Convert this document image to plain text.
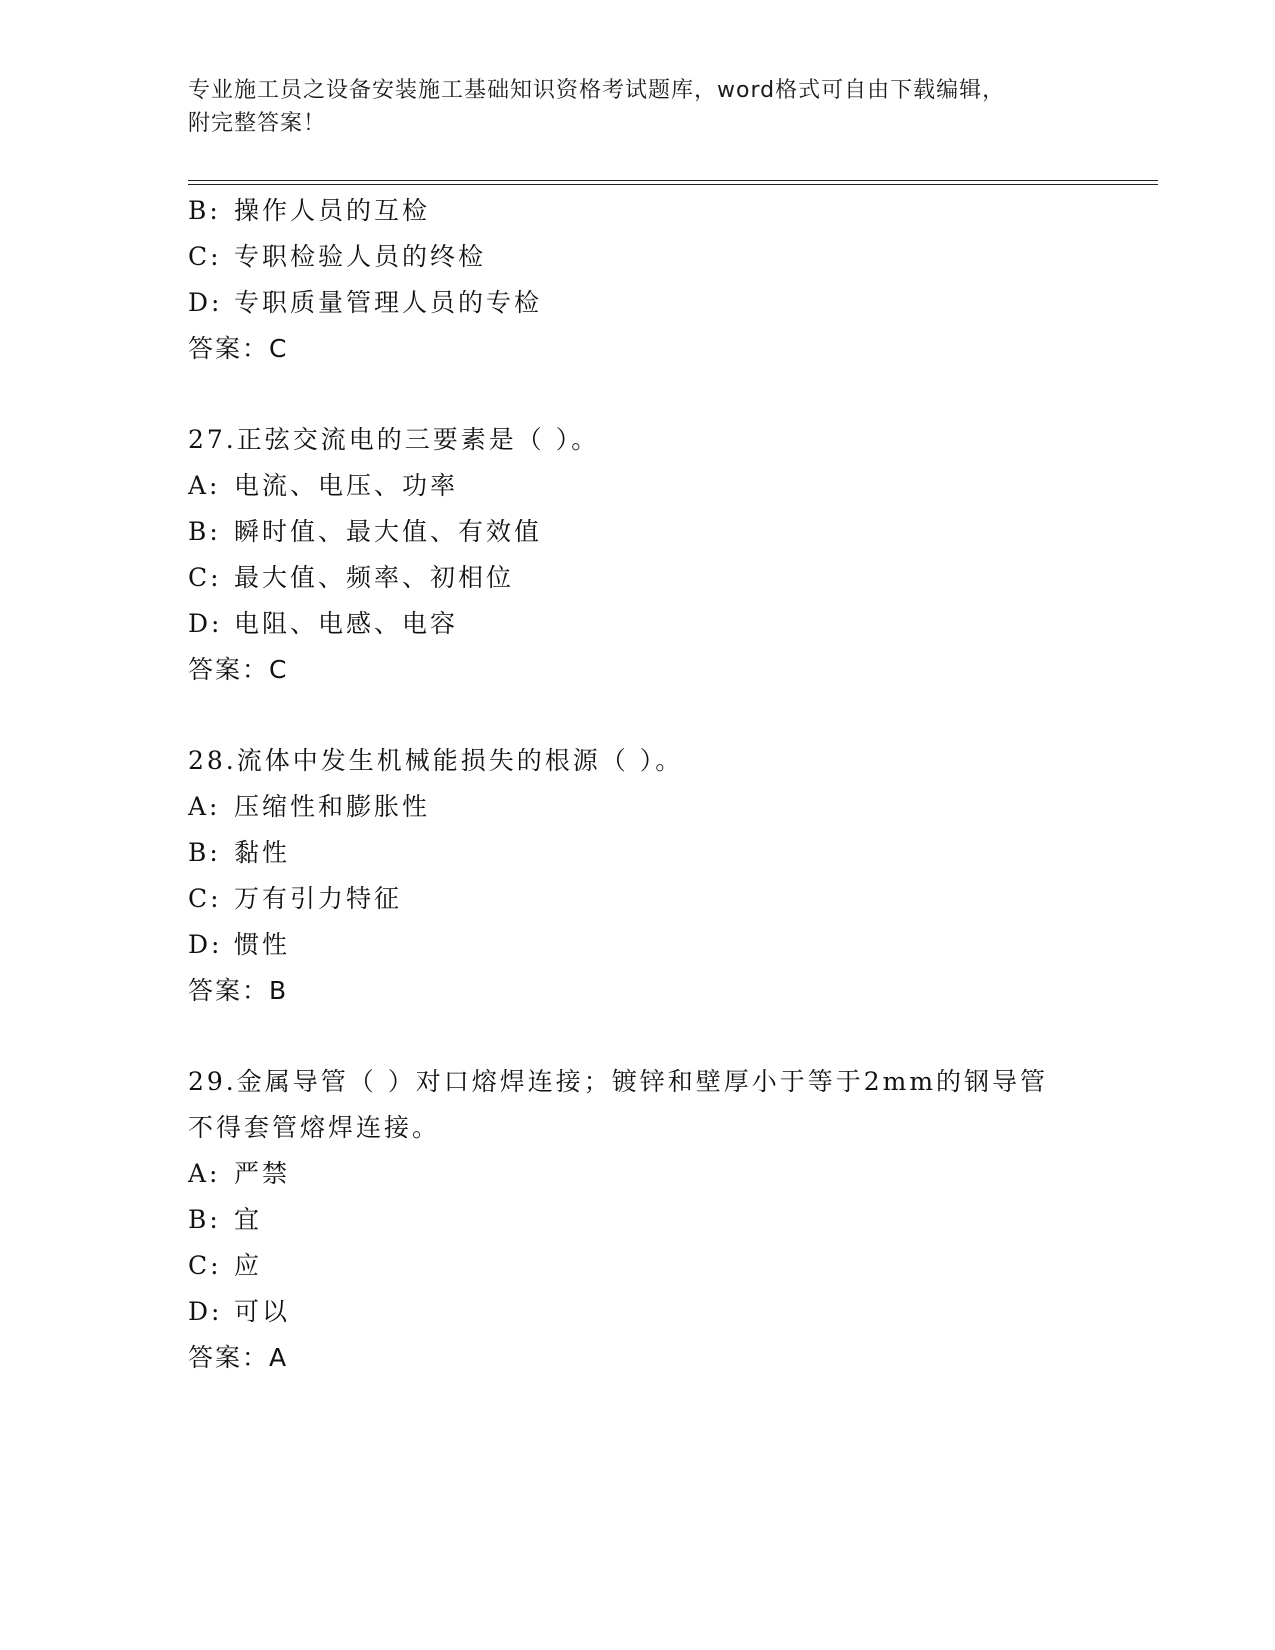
专业施工员之设备安装施工基础知识资格考试题库，word格式可自由下载编辑，
附完整答案！
B: 操作人员的互检
C: 专职检验人员的终检
D: 专职质量管理人员的专检
答案：C
27.正弦交流电的三要素是（ ）。
A: 电流、电压、功率
B: 瞬时值、最大值、有效值
C: 最大值、频率、初相位
D: 电阻、电感、电容
答案：C
28.流体中发生机械能损失的根源（ ）。
A: 压缩性和膨胀性
B: 黏性
C: 万有引力特征
D: 惯性
答案：B
29.金属导管（ ）对口熔焊连接；镀锌和壁厚小于等于2mm的钢导管
不得套管熔焊连接。
A: 严禁
B: 宜
C: 应
D: 可以
答案：A
